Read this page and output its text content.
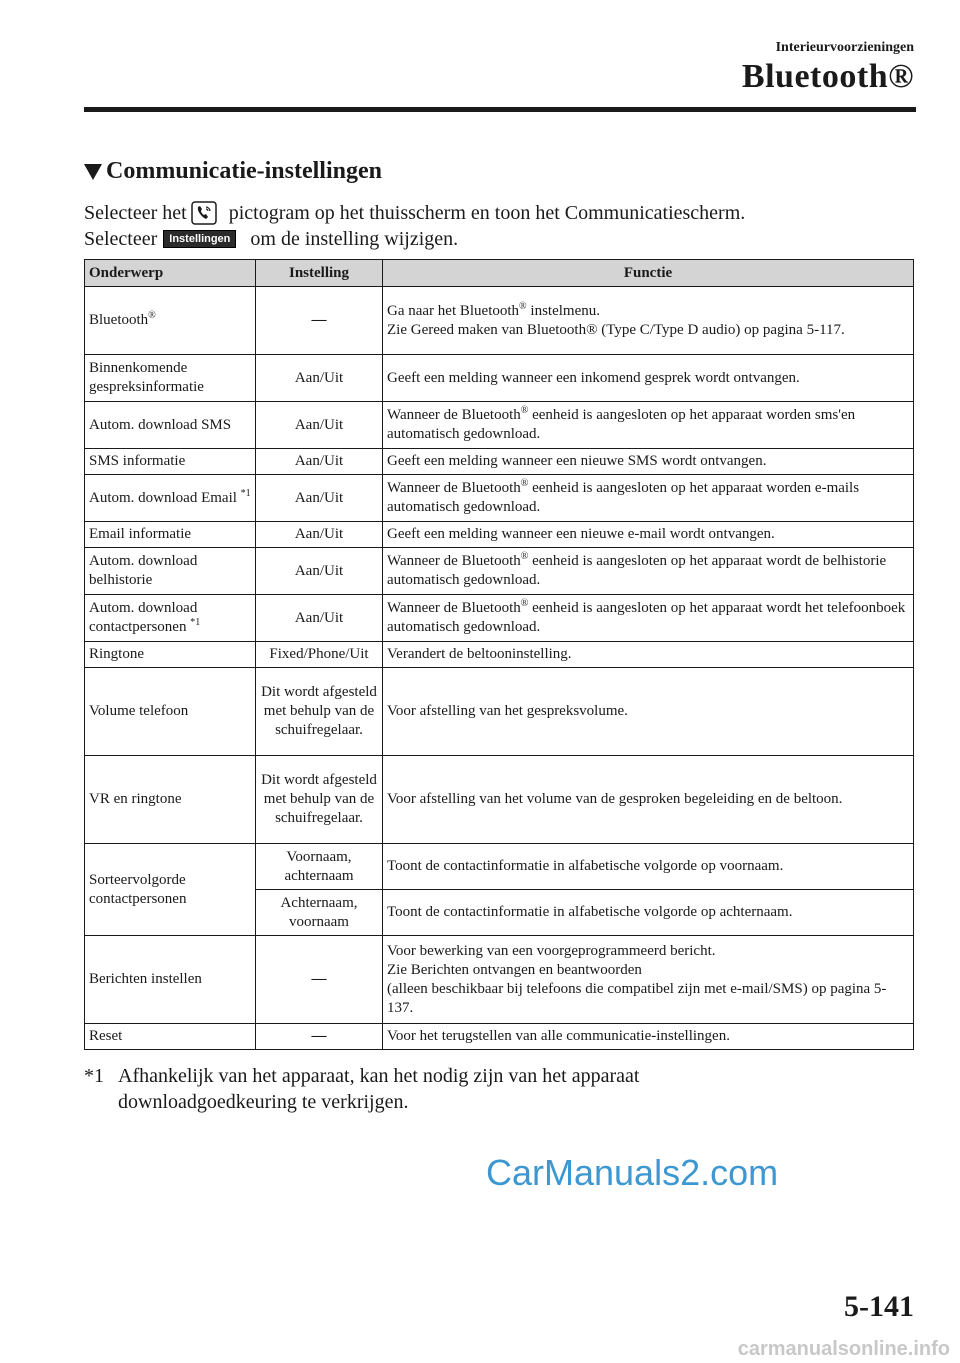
Interieurvoorzieningen
Bluetooth®
Communicatie-instellingen
Selecteer het pictogram op het thuisscherm en toon het Communicatiescherm.
Selecteer	Instellingen	om de instelling wijzigen.
Onderwerp	Instelling	Functie
Bluetooth®	—	Ga naar het Bluetooth® instelmenu.
Zie Gereed maken van Bluetooth® (Type C/Type D audio) op pagina 5-117.
Binnenkomende gespreksinformatie	Aan/Uit	Geeft een melding wanneer een inkomend gesprek wordt ontvangen.
Autom. download SMS	Aan/Uit	Wanneer de Bluetooth® eenheid is aangesloten op het apparaat worden sms'en automatisch gedownload.
SMS informatie	Aan/Uit	Geeft een melding wanneer een nieuwe SMS wordt ontvangen.
Autom. download Email $^{*1}$	Aan/Uit	Wanneer de Bluetooth® eenheid is aangesloten op het apparaat worden e-mails automatisch gedownload.
Email informatie	Aan/Uit	Geeft een melding wanneer een nieuwe e-mail wordt ontvangen.
Autom. download belhistorie	Aan/Uit	Wanneer de Bluetooth® eenheid is aangesloten op het apparaat wordt de belhistorie automatisch gedownload.
Autom. download contactpersonen $^{*1}$	Aan/Uit	Wanneer de Bluetooth® eenheid is aangesloten op het apparaat wordt het telefoonboek automatisch gedownload.
Ringtone	Fixed/Phone/Uit	Verandert de beltooninstelling.
Volume telefoon	Dit wordt afgesteld met behulp van de schuifregelaar.	Voor afstelling van het gespreksvolume.
VR en ringtone	Dit wordt afgesteld met behulp van de schuifregelaar.	Voor afstelling van het volume van de gesproken begeleiding en de beltoon.
Sorteervolgorde contactpersonen	Voornaam, achternaam	Toont de contactinformatie in alfabetische volgorde op voornaam.
	Achternaam, voornaam	Toont de contactinformatie in alfabetische volgorde op achternaam.
Berichten instellen	—	Voor bewerking van een voorgeprogrammeerd bericht.
Zie Berichten ontvangen en beantwoorden
(alleen beschikbaar bij telefoons die compatibel zijn met e-mail/SMS) op pagina 5-137.
Reset	—	Voor het terugstellen van alle communicatie-instellingen.
*1 Afhankelijk van het apparaat, kan het nodig zijn van het apparaat
downloadgoedkeuring te verkrijgen.
CarManuals2.com
5-141
carmanualsonline.info
